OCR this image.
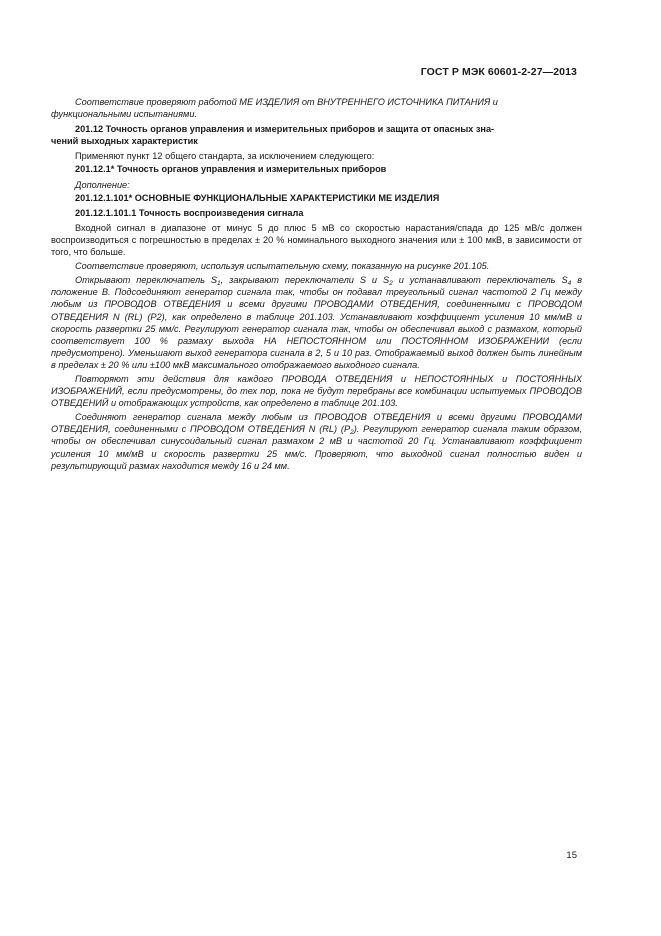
ГОСТ Р МЭК 60601-2-27—2013

Соответствие проверяют работой МЕ ИЗДЕЛИЯ от ВНУТРЕННЕГО ИСТОЧНИКА ПИТАНИЯ и

функциональными испытаниями.

201.12 Точность органов управления и измерительных приборов и защита от опасных зна-

чений выходных характеристик

Применяют пункт 12 общего стандарта, за исключением следующего:

201.12.1* Точность органов управления и измерительных приборов

Дополнение:

201.12.1.101* ОСНОВНЫЕ ФУНКЦИОНАЛЬНЫЕ ХАРАКТЕРИСТИКИ МЕ ИЗДЕЛИЯ

201.12.1.101.1 Точность воспроизведения сигнала

Входной сигнал в диапазоне от минус 5 до плюс 5 мВ со скоростью нарастания/спада до 125 мВ/с должен воспроизводиться с погрешностью в пределах ± 20 % номинального выходного значения или ± 100 мкВ, в зависимости от того, что больше.

Соответствие проверяют, используя испытательную схему, показанную на рисунке 201.105.

Открывают переключатель $S_1$, закрывают переключатели S и $S_2$ и устанавливают переключатель $S_4$ в положение B. Подсоединяют генератор сигнала так, чтобы он подавал треугольный сигнал частотой 2 Гц между любым из ПРОВОДОВ ОТВЕДЕНИЯ и всеми другими ПРОВОДАМИ ОТВЕДЕНИЯ, соединенными с ПРОВОДОМ ОТВЕДЕНИЯ N (RL) (P2), как определено в таблице 201.103. Устанавливают коэффициент усиления 10 мм/мВ и скорость развертки 25 мм/с. Регулируют генератор сигнала так, чтобы он обеспечивал выход с размахом, который соответствует 100 % размаху выхода НА НЕПОСТОЯННОМ или ПОСТОЯННОМ ИЗОБРАЖЕНИИ (если предусмотрено). Уменьшают выход генератора сигнала в 2, 5 и 10 раз. Отображаемый выход должен быть линейным в пределах ± 20 % или ±100 мкВ максимального отображаемого выходного сигнала.

Повторяют эти действия для каждого ПРОВОДА ОТВЕДЕНИЯ и НЕПОСТОЯННЫХ и ПОСТОЯННЫХ ИЗОБРАЖЕНИЙ, если предусмотрены, до тех пор, пока не будут перебраны все комбинации испытуемых ПРОВОДОВ ОТВЕДЕНИЙ и отображающих устройств, как определено в таблице 201.103.

Соединяют генератор сигнала между любым из ПРОВОДОВ ОТВЕДЕНИЯ и всеми другими ПРОВОДАМИ ОТВЕДЕНИЯ, соединенными с ПРОВОДОМ ОТВЕДЕНИЯ N (RL) $(P_2)$. Регулируют генератор сигнала таким образом, чтобы он обеспечивал синусоидальный сигнал размахом 2 мВ и частотой 20 Гц. Устанавливают коэффициент усиления 10 мм/мВ и скорость развертки 25 мм/с. Проверяют, что выходной сигнал полностью виден и результирующий размах находится между 16 и 24 мм.

15
